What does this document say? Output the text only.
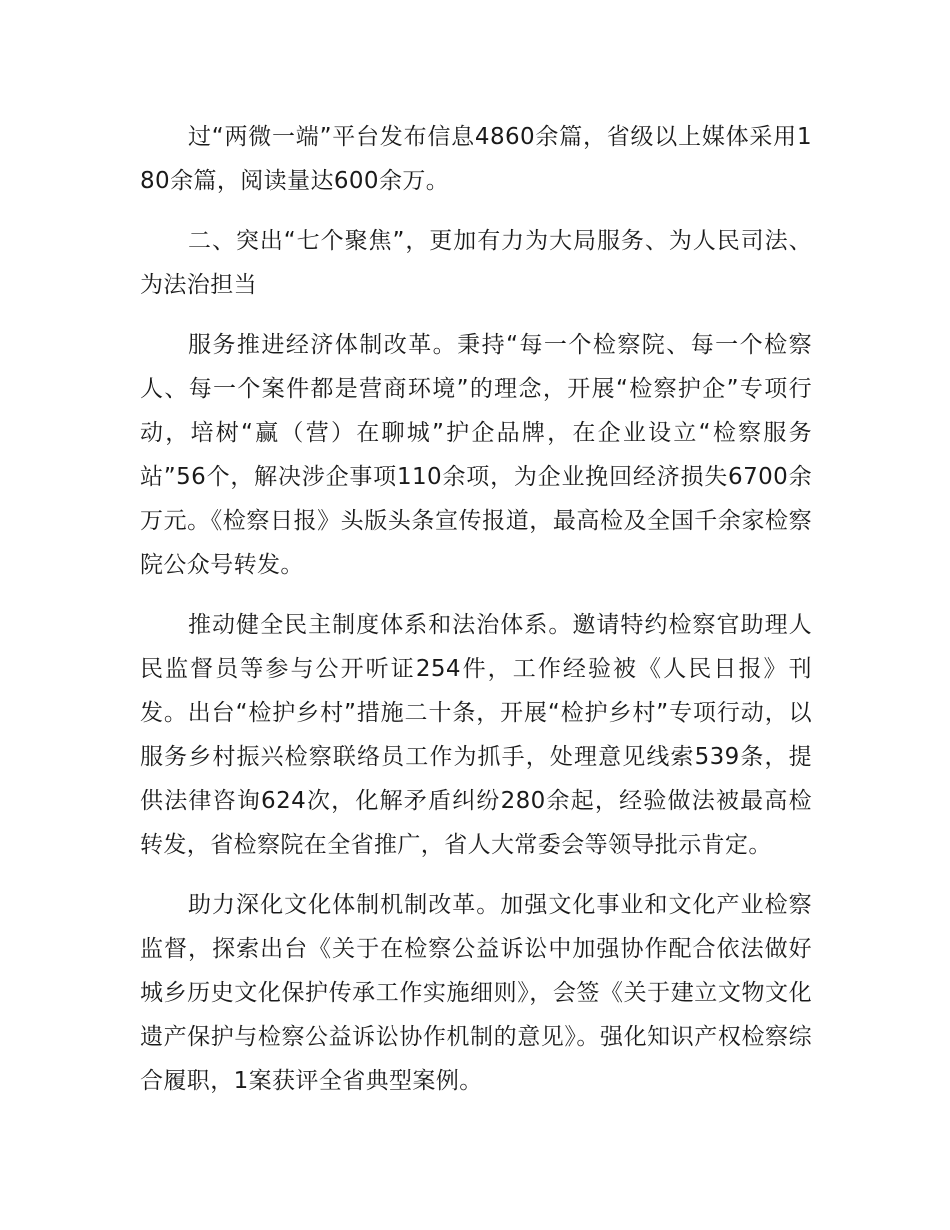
过“两微一端”平台发布信息4860余篇，省级以上媒体采用180余篇，阅读量达600余万。

二、突出“七个聚焦”，更加有力为大局服务、为人民司法、为法治担当

服务推进经济体制改革。秉持“每一个检察院、每一个检察人、每一个案件都是营商环境”的理念，开展“检察护企”专项行动，培树“赢（营）在聊城”护企品牌，在企业设立“检察服务站”56个，解决涉企事项110余项，为企业挽回经济损失6700余万元。《检察日报》头版头条宣传报道，最高检及全国千余家检察院公众号转发。

推动健全民主制度体系和法治体系。邀请特约检察官助理人民监督员等参与公开听证254件，工作经验被《人民日报》刊发。出台“检护乡村”措施二十条，开展“检护乡村”专项行动，以服务乡村振兴检察联络员工作为抓手，处理意见线索539条，提供法律咨询624次，化解矛盾纠纷280余起，经验做法被最高检转发，省检察院在全省推广，省人大常委会等领导批示肯定。

助力深化文化体制机制改革。加强文化事业和文化产业检察监督，探索出台《关于在检察公益诉讼中加强协作配合依法做好城乡历史文化保护传承工作实施细则》，会签《关于建立文物文化遗产保护与检察公益诉讼协作机制的意见》。强化知识产权检察综合履职，1案获评全省典型案例。
